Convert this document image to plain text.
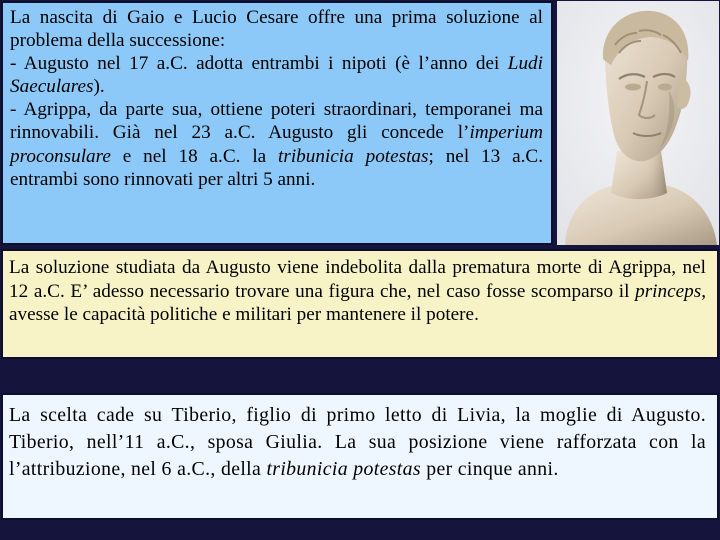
La nascita di Gaio e Lucio Cesare offre una prima soluzione al problema della successione:

- Augusto nel 17 a.C. adotta entrambi i nipoti (è l’anno dei Ludi Saeculares).

- Agrippa, da parte sua, ottiene poteri straordinari, temporanei ma rinnovabili. Già nel 23 a.C. Augusto gli concede l’imperium proconsulare e nel 18 a.C. la tribunicia potestas; nel 13 a.C. entrambi sono rinnovati per altri 5 anni.

La soluzione studiata da Augusto viene indebolita dalla prematura morte di Agrippa, nel 12 a.C. E’ adesso necessario trovare una figura che, nel caso fosse scomparso il princeps, avesse le capacità politiche e militari per mantenere il potere.

La scelta cade su Tiberio, figlio di primo letto di Livia, la moglie di Augusto. Tiberio, nell’11 a.C., sposa Giulia. La sua posizione viene rafforzata con la l’attribuzione, nel 6 a.C., della tribunicia potestas per cinque anni.
